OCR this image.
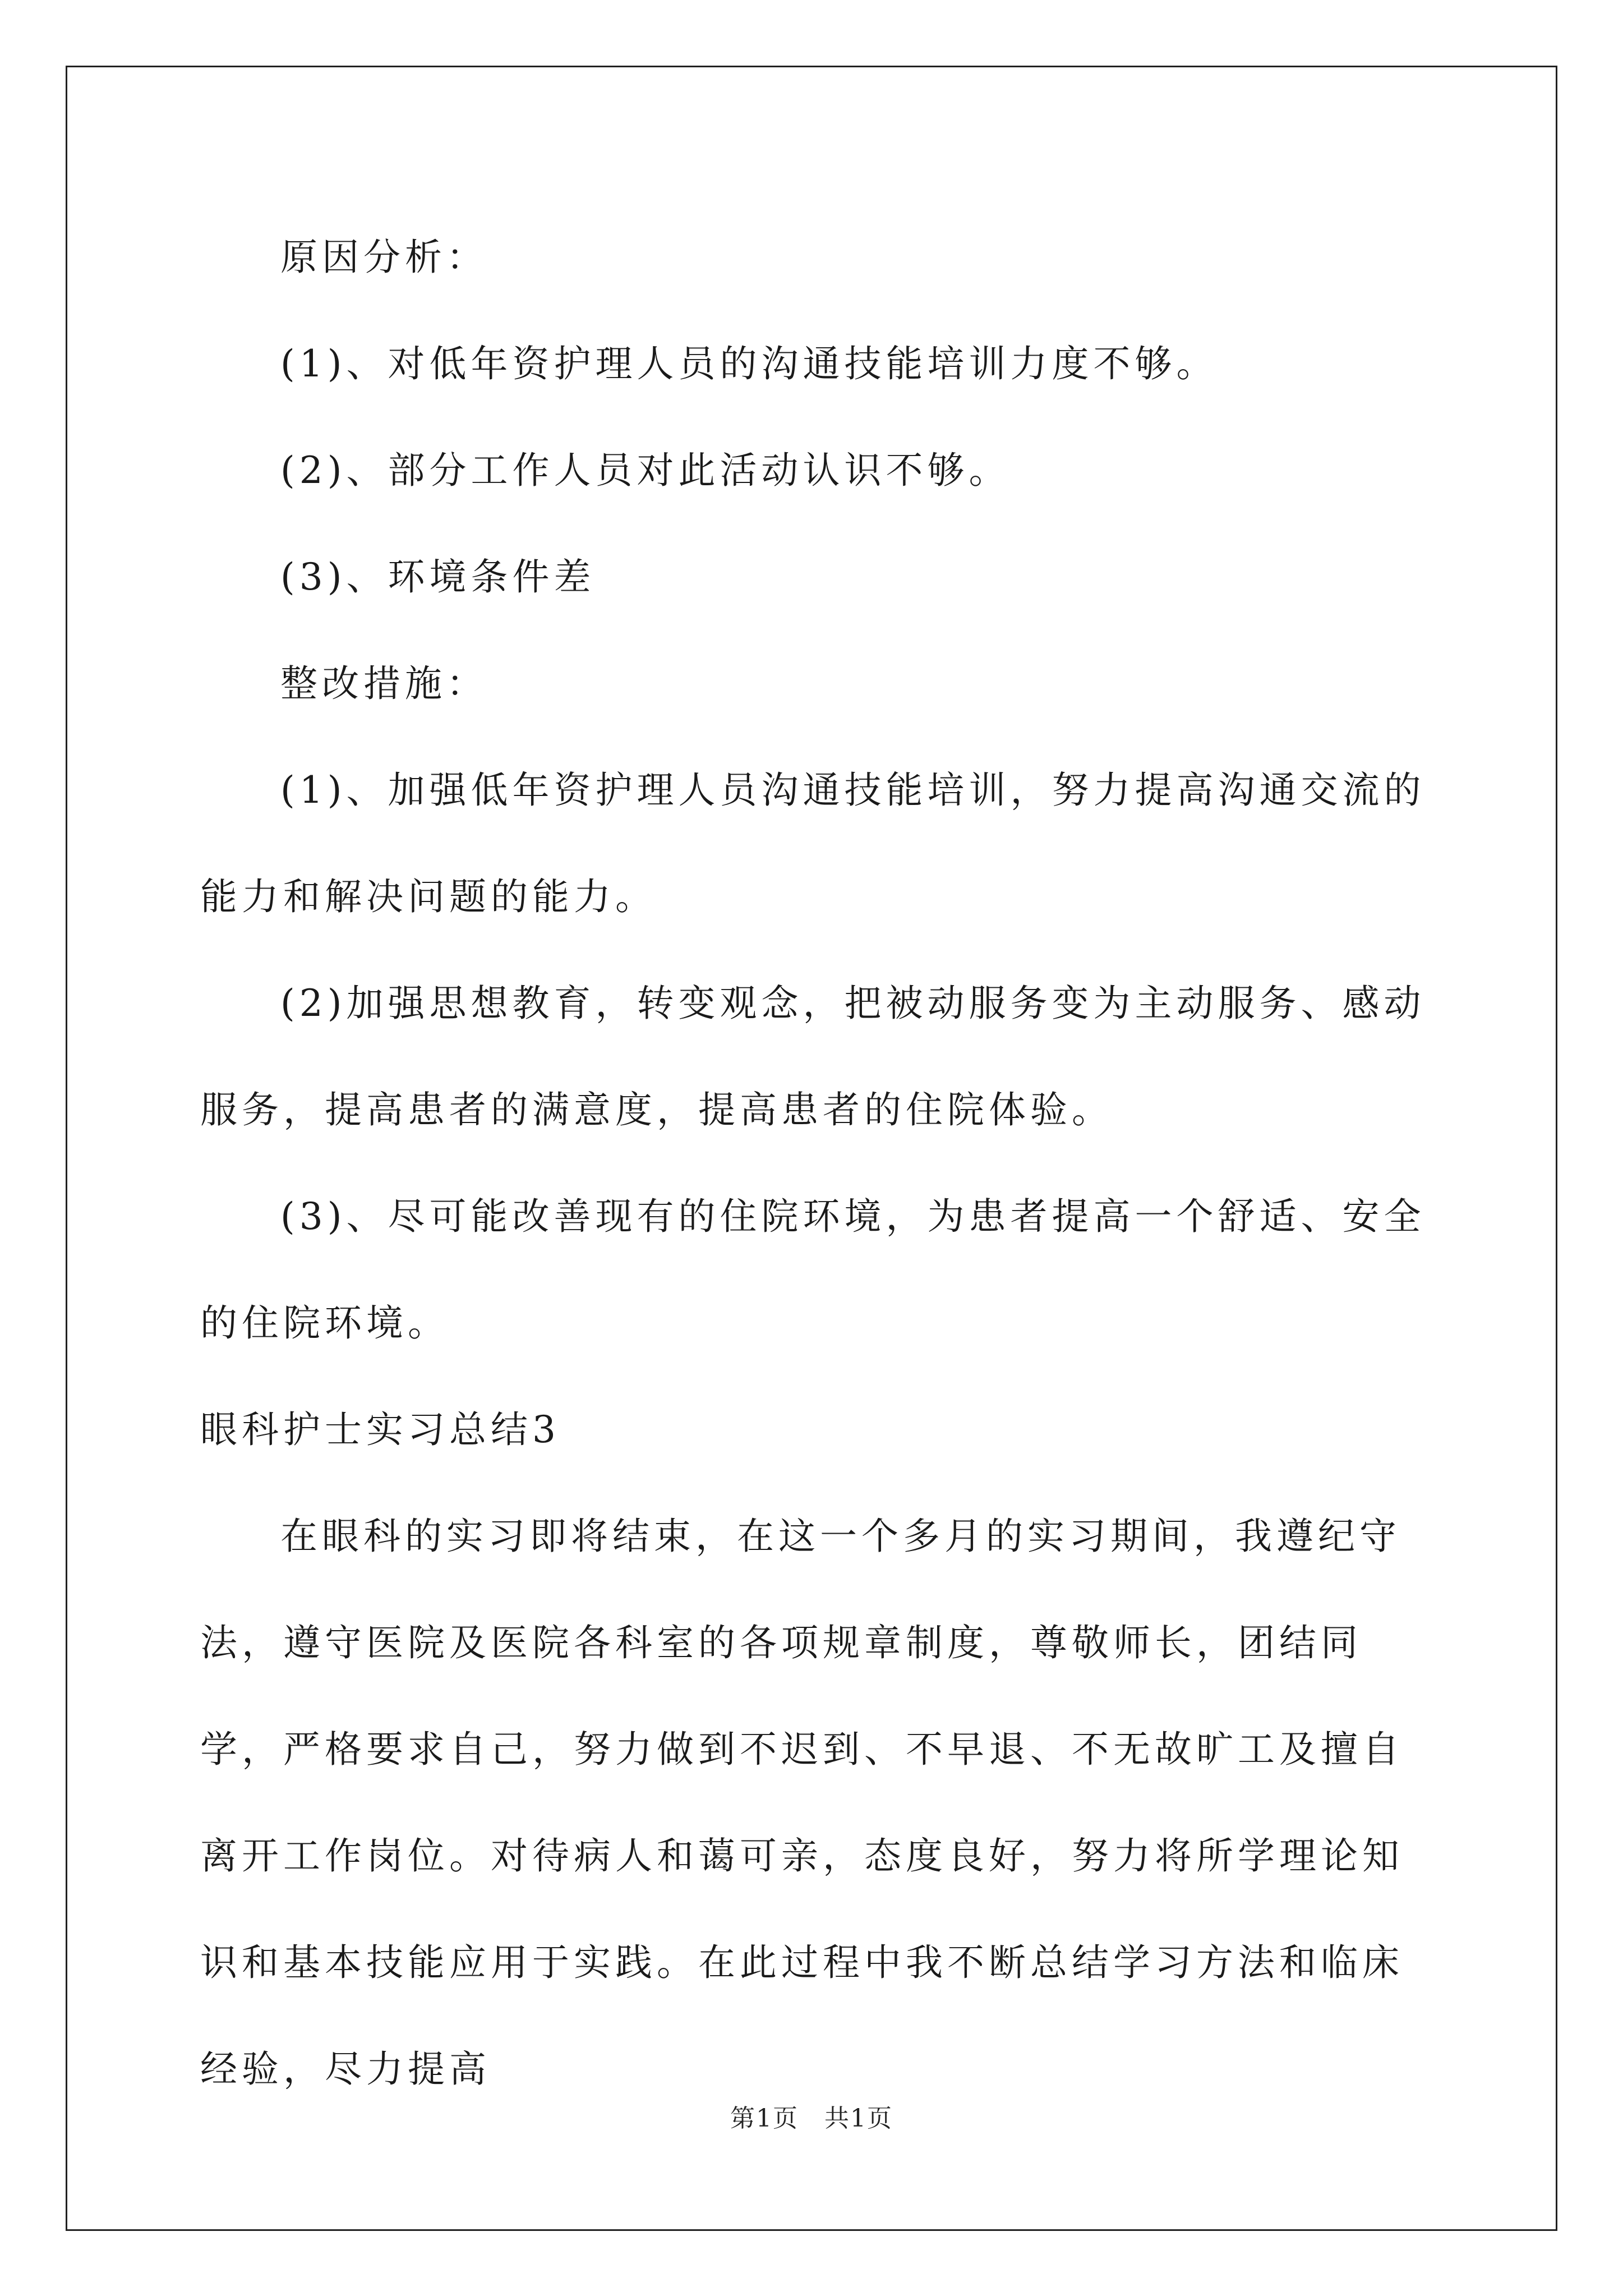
原因分析：

(1)、对低年资护理人员的沟通技能培训力度不够。

(2)、部分工作人员对此活动认识不够。

(3)、环境条件差

整改措施：

(1)、加强低年资护理人员沟通技能培训，努力提高沟通交流的能力和解决问题的能力。

(2)加强思想教育，转变观念，把被动服务变为主动服务、感动服务，提高患者的满意度，提高患者的住院体验。

(3)、尽可能改善现有的住院环境，为患者提高一个舒适、安全的住院环境。

眼科护士实习总结3

在眼科的实习即将结束，在这一个多月的实习期间，我遵纪守法，遵守医院及医院各科室的各项规章制度，尊敬师长，团结同学，严格要求自己，努力做到不迟到、不早退、不无故旷工及擅自离开工作岗位。对待病人和蔼可亲，态度良好，努力将所学理论知识和基本技能应用于实践。在此过程中我不断总结学习方法和临床经验，尽力提高

第1页　共1页
